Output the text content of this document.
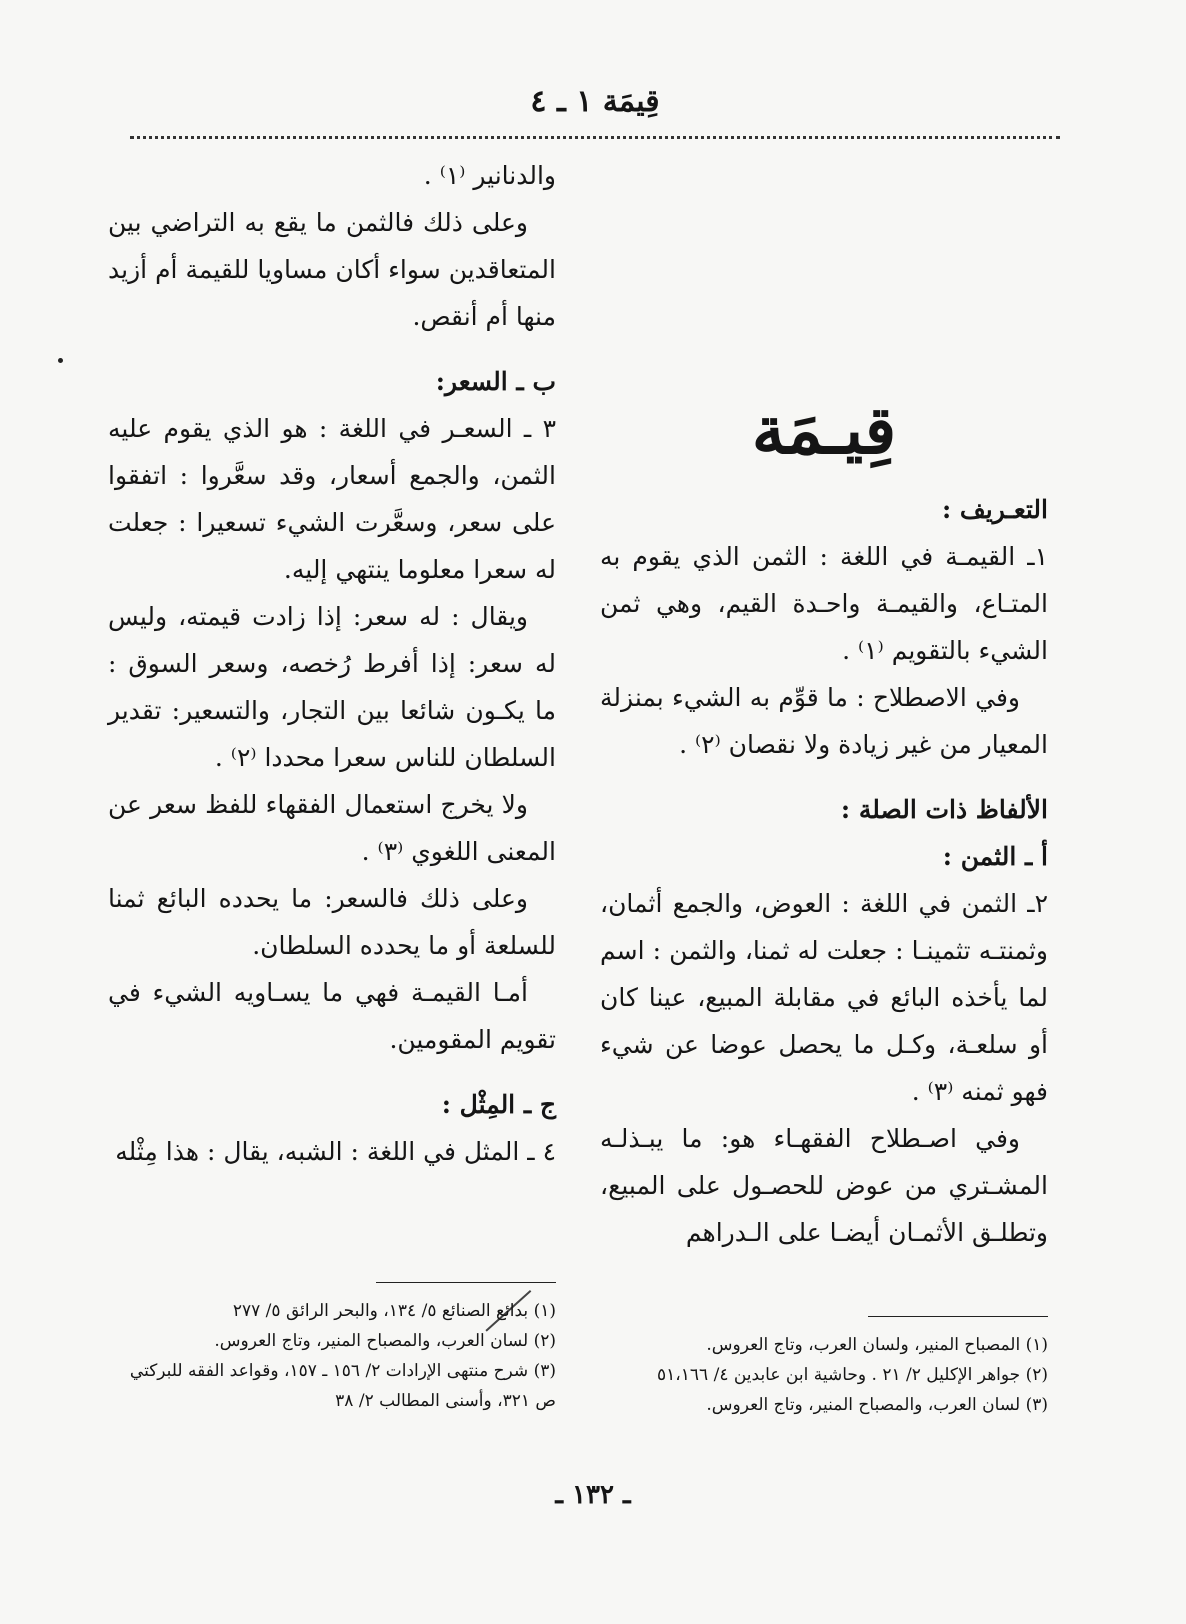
قِيمَة ١ ـ ٤
قِيـمَة

التعـريف :

١ـ القيمـة في اللغة : الثمن الذي يقوم به المتـاع، والقيمـة واحـدة القيم، وهي ثمن الشيء بالتقويم ⁽١⁾ .

وفي الاصطلاح : ما قوِّم به الشيء بمنزلة المعيار من غير زيادة ولا نقصان ⁽٢⁾ .

الألفاظ ذات الصلة :

أ ـ الثمن :

٢ـ الثمن في اللغة : العوض، والجمع أثمان، وثمنتـه تثمينـا : جعلت له ثمنا، والثمن : اسم لما يأخذه البائع في مقابلة المبيع، عينا كان أو سلعـة، وكـل ما يحصل عوضا عن شيء فهو ثمنه ⁽٣⁾ .

وفي اصـطلاح الفقهـاء هو: ما يبـذلـه المشـتري من عوض للحصـول على المبيع، وتطلـق الأثمـان أيضـا على الـدراهم

والدنانير ⁽١⁾ .

وعلى ذلك فالثمن ما يقع به التراضي بين المتعاقدين سواء أكان مساويا للقيمة أم أزيد منها أم أنقص.

ب ـ السعر:

٣ ـ السعـر في اللغة : هو الذي يقوم عليه الثمن، والجمع أسعار، وقد سعَّروا : اتفقوا على سعر، وسعَّرت الشيء تسعيرا : جعلت له سعرا معلوما ينتهي إليه.

ويقال : له سعر: إذا زادت قيمته، وليس له سعر: إذا أفرط رُخصه، وسعر السوق : ما يكـون شائعا بين التجار، والتسعير: تقدير السلطان للناس سعرا محددا ⁽٢⁾ .

ولا يخرج استعمال الفقهاء للفظ سعر عن المعنى اللغوي ⁽٣⁾ .

وعلى ذلك فالسعر: ما يحدده البائع ثمنا للسلعة أو ما يحدده السلطان.

أمـا القيمـة فهي ما يسـاويه الشيء في تقويم المقومين.

ج ـ المِثْل :

٤ ـ المثل في اللغة : الشبه، يقال : هذا مِثْله

(١) المصباح المنير، ولسان العرب، وتاج العروس.

(٢) جواهر الإكليل ٢/ ٢١ . وحاشية ابن عابدين ٤/ ٥١،١٦٦

(٣) لسان العرب، والمصباح المنير، وتاج العروس.

(١) بدائع الصنائع ٥/ ١٣٤، والبحر الرائق ٥/ ٢٧٧

(٢) لسان العرب، والمصباح المنير، وتاج العروس.

(٣) شرح منتهى الإرادات ٢/ ١٥٦ ـ ١٥٧، وقواعد الفقه للبركتي ص ٣٢١، وأسنى المطالب ٢/ ٣٨

ـ ١٣٢ ـ
